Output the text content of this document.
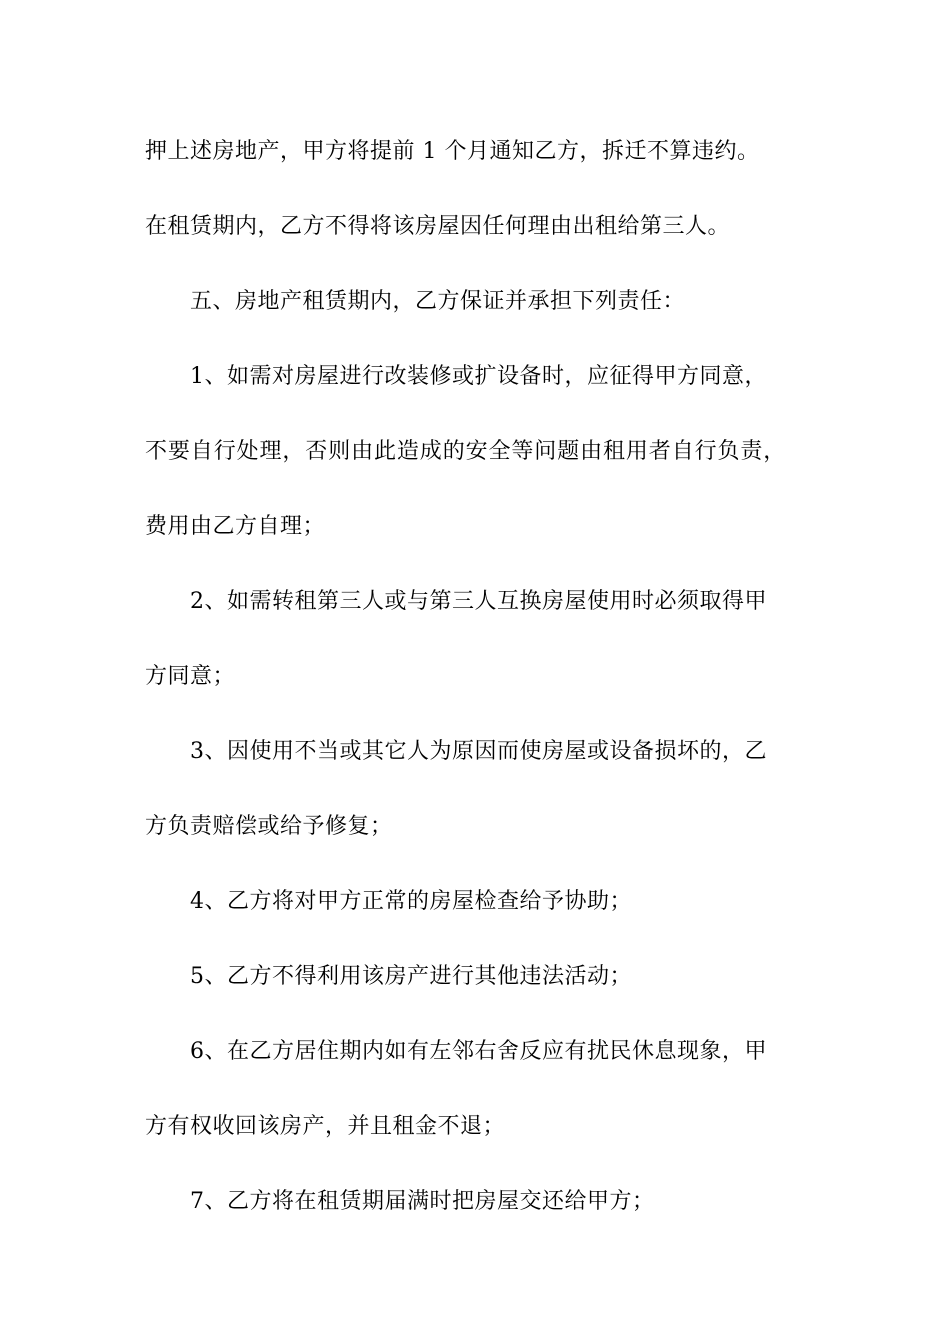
押上述房地产，甲方将提前 1 个月通知乙方，拆迁不算违约。
在租赁期内，乙方不得将该房屋因任何理由出租给第三人。
五、房地产租赁期内，乙方保证并承担下列责任：
1、如需对房屋进行改装修或扩设备时，应征得甲方同意，
不要自行处理，否则由此造成的安全等问题由租用者自行负责，
费用由乙方自理；
2、如需转租第三人或与第三人互换房屋使用时必须取得甲
方同意；
3、因使用不当或其它人为原因而使房屋或设备损坏的，乙
方负责赔偿或给予修复；
4、乙方将对甲方正常的房屋检查给予协助；
5、乙方不得利用该房产进行其他违法活动；
6、在乙方居住期内如有左邻右舍反应有扰民休息现象，甲
方有权收回该房产，并且租金不退；
7、乙方将在租赁期届满时把房屋交还给甲方；
